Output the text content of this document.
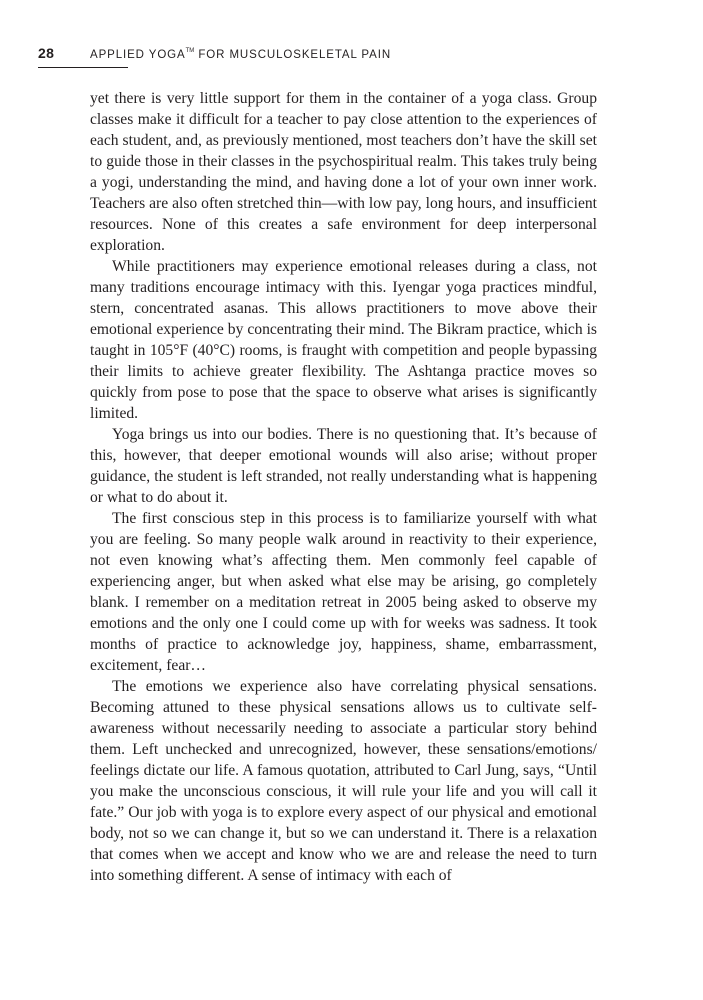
28	APPLIED YOGA™ FOR MUSCULOSKELETAL PAIN

yet there is very little support for them in the container of a yoga class. Group classes make it difficult for a teacher to pay close attention to the experiences of each student, and, as previously mentioned, most teachers don’t have the skill set to guide those in their classes in the psychospiritual realm. This takes truly being a yogi, understanding the mind, and having done a lot of your own inner work. Teachers are also often stretched thin—with low pay, long hours, and insufficient resources. None of this creates a safe environment for deep interpersonal exploration.

While practitioners may experience emotional releases during a class, not many traditions encourage intimacy with this. Iyengar yoga practices mindful, stern, concentrated asanas. This allows practitioners to move above their emotional experience by concentrating their mind. The Bikram practice, which is taught in 105°F (40°C) rooms, is fraught with competition and people bypassing their limits to achieve greater flexibility. The Ashtanga practice moves so quickly from pose to pose that the space to observe what arises is significantly limited.

Yoga brings us into our bodies. There is no questioning that. It’s because of this, however, that deeper emotional wounds will also arise; without proper guidance, the student is left stranded, not really understanding what is happening or what to do about it.

The first conscious step in this process is to familiarize yourself with what you are feeling. So many people walk around in reactivity to their experience, not even knowing what’s affecting them. Men commonly feel capable of experiencing anger, but when asked what else may be arising, go completely blank. I remember on a meditation retreat in 2005 being asked to observe my emotions and the only one I could come up with for weeks was sadness. It took months of practice to acknowledge joy, happiness, shame, embarrassment, excitement, fear…

The emotions we experience also have correlating physical sensations. Becoming attuned to these physical sensations allows us to cultivate self-awareness without necessarily needing to associate a particular story behind them. Left unchecked and unrecognized, however, these sensations/emotions/ feelings dictate our life. A famous quotation, attributed to Carl Jung, says, “Until you make the unconscious conscious, it will rule your life and you will call it fate.” Our job with yoga is to explore every aspect of our physical and emotional body, not so we can change it, but so we can understand it. There is a relaxation that comes when we accept and know who we are and release the need to turn into something different. A sense of intimacy with each of
